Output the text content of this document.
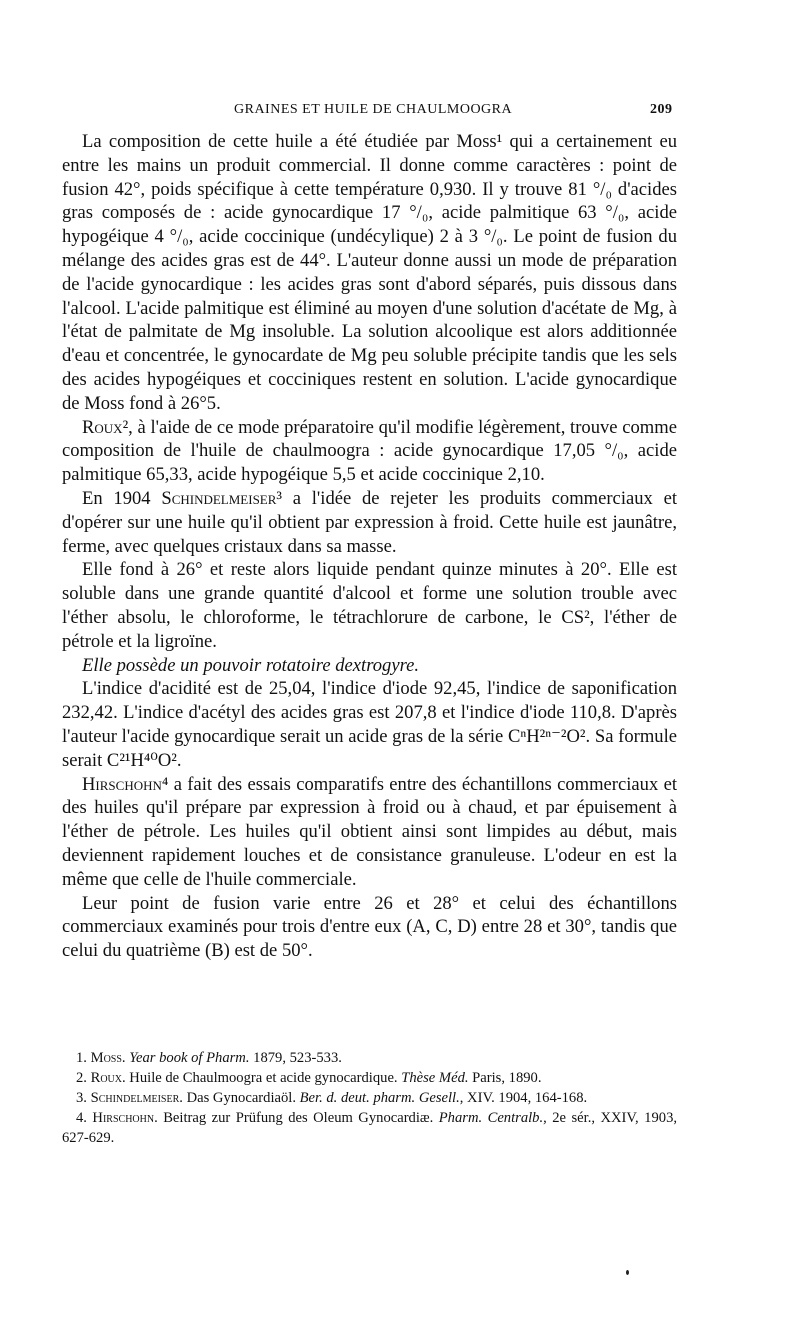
GRAINES ET HUILE DE CHAULMOOGRA	209

La composition de cette huile a été étudiée par Moss¹ qui a certainement eu entre les mains un produit commercial. Il donne comme caractères : point de fusion 42°, poids spécifique à cette température 0,930. Il y trouve 81 °/₀ d'acides gras composés de : acide gynocardique 17 °/₀, acide palmitique 63 °/₀, acide hypogéique 4 °/₀, acide coccinique (undécylique) 2 à 3 °/₀. Le point de fusion du mélange des acides gras est de 44°. L'auteur donne aussi un mode de préparation de l'acide gynocardique : les acides gras sont d'abord séparés, puis dissous dans l'alcool. L'acide palmitique est éliminé au moyen d'une solution d'acétate de Mg, à l'état de palmitate de Mg insoluble. La solution alcoolique est alors additionnée d'eau et concentrée, le gynocardate de Mg peu soluble précipite tandis que les sels des acides hypogéiques et cocciniques restent en solution. L'acide gynocardique de Moss fond à 26°5.

Roux², à l'aide de ce mode préparatoire qu'il modifie légèrement, trouve comme composition de l'huile de chaulmoogra : acide gynocardique 17,05 °/₀, acide palmitique 65,33, acide hypogéique 5,5 et acide coccinique 2,10.

En 1904 Schindelmeiser³ a l'idée de rejeter les produits commerciaux et d'opérer sur une huile qu'il obtient par expression à froid. Cette huile est jaunâtre, ferme, avec quelques cristaux dans sa masse.

Elle fond à 26° et reste alors liquide pendant quinze minutes à 20°. Elle est soluble dans une grande quantité d'alcool et forme une solution trouble avec l'éther absolu, le chloroforme, le tétrachlorure de carbone, le CS², l'éther de pétrole et la ligroïne.

Elle possède un pouvoir rotatoire dextrogyre.

L'indice d'acidité est de 25,04, l'indice d'iode 92,45, l'indice de saponification 232,42. L'indice d'acétyl des acides gras est 207,8 et l'indice d'iode 110,8. D'après l'auteur l'acide gynocardique serait un acide gras de la série CⁿH²ⁿ⁻²O². Sa formule serait C²¹H⁴⁰O².

Hirschohn⁴ a fait des essais comparatifs entre des échantillons commerciaux et des huiles qu'il prépare par expression à froid ou à chaud, et par épuisement à l'éther de pétrole. Les huiles qu'il obtient ainsi sont limpides au début, mais deviennent rapidement louches et de consistance granuleuse. L'odeur en est la même que celle de l'huile commerciale.

Leur point de fusion varie entre 26 et 28° et celui des échantillons commerciaux examinés pour trois d'entre eux (A, C, D) entre 28 et 30°, tandis que celui du quatrième (B) est de 50°.

1. Moss. Year book of Pharm. 1879, 523-533.

2. Roux. Huile de Chaulmoogra et acide gynocardique. Thèse Méd. Paris, 1890.

3. Schindelmeiser. Das Gynocardiaöl. Ber. d. deut. pharm. Gesell., XIV. 1904, 164-168.

4. Hirschohn. Beitrag zur Prüfung des Oleum Gynocardiæ. Pharm. Centralb., 2e sér., XXIV, 1903, 627-629.
